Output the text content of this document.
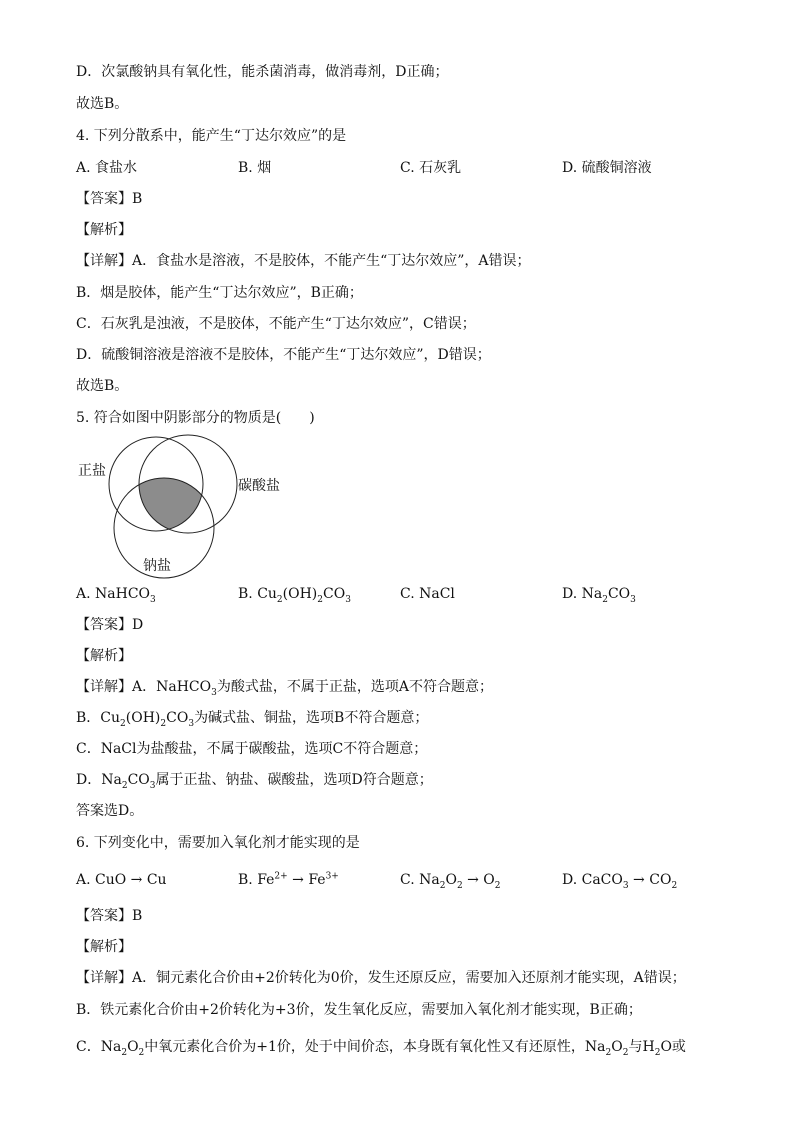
D．次氯酸钠具有氧化性，能杀菌消毒，做消毒剂，D正确；
故选B。
4. 下列分散系中，能产生“丁达尔效应”的是
A. 食盐水	B. 烟	C. 石灰乳	D. 硫酸铜溶液
【答案】B
【解析】
【详解】A．食盐水是溶液，不是胶体，不能产生“丁达尔效应”，A错误；
B．烟是胶体，能产生“丁达尔效应”，B正确；
C．石灰乳是浊液，不是胶体，不能产生“丁达尔效应”，C错误；
D．硫酸铜溶液是溶液不是胶体，不能产生“丁达尔效应”，D错误；
故选B。
5. 符合如图中阴影部分的物质是(　　)
正盐
碳酸盐
钠盐
A. NaHCO$_3$	B. $Cu_2(OH)_2CO_3$	C. NaCl	D. $Na_2CO_3$
【答案】D
【解析】
【详解】A．NaHCO$_3$为酸式盐，不属于正盐，选项A不符合题意；
B．$Cu_2(OH)_2CO_3$为碱式盐、铜盐，选项B不符合题意；
C．NaCl为盐酸盐，不属于碳酸盐，选项C不符合题意；
D．$Na_2CO_3$属于正盐、钠盐、碳酸盐，选项D符合题意；
答案选D。
6. 下列变化中，需要加入氧化剂才能实现的是
A. CuO → Cu	B. $Fe^{2+} \to Fe^{3+}$	C. $Na_2O_2 \to O_2$	D. CaCO$_3$ → $CO_2$
【答案】B
【解析】
【详解】A．铜元素化合价由+2价转化为0价，发生还原反应，需要加入还原剂才能实现，A错误；
B．铁元素化合价由+2价转化为+3价，发生氧化反应，需要加入氧化剂才能实现，B正确；
C．$Na_2O_2$中氧元素化合价为+1价，处于中间价态，本身既有氧化性又有还原性，$Na_2O_2$与$H_2O$或
